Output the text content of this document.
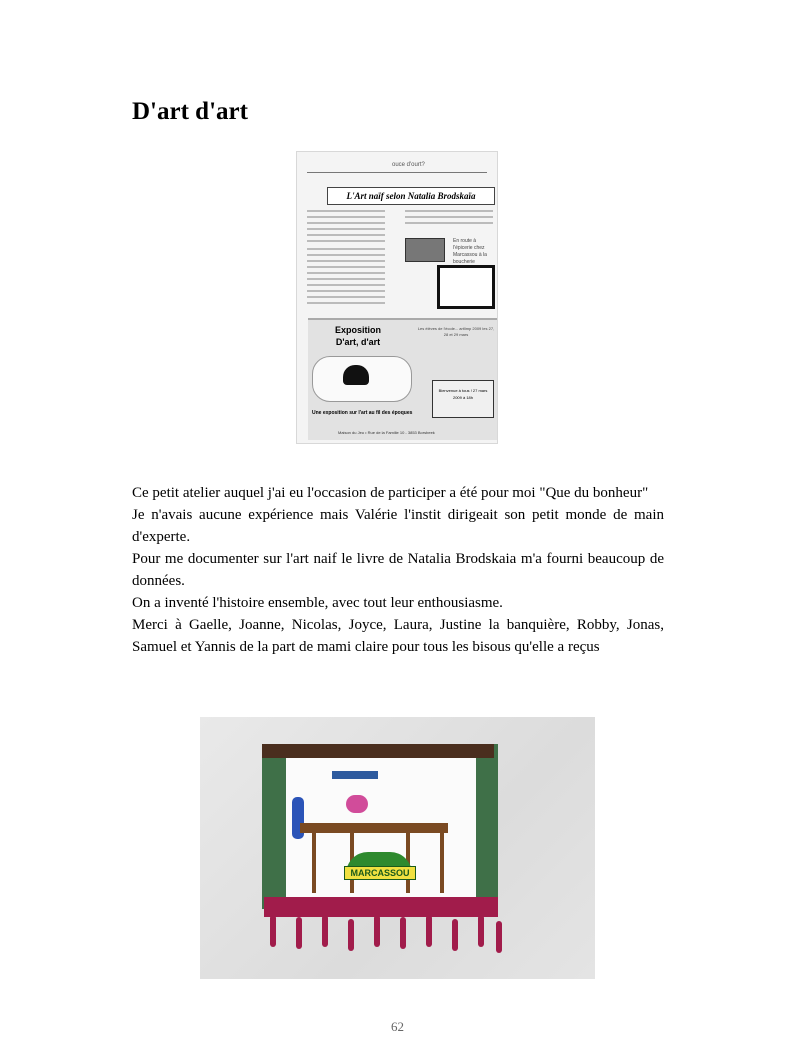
D'art d'art
ouce d'ourt?
L'Art naïf selon Natalia Brodskaïa
En route à l'épicerie chez Marcassou à la boucherie
Exposition D'art, d'art
Les élèves de l'école... artlimp 2009 les 27, 28 et 29 mars
Bienvenue à tous ! 27 mars 2009 à 18h
Une exposition sur l'art au fil des époques
Maison du Jeu • Rue de la Familie 10 - 3853 Borsbeek

Ce petit atelier auquel j'ai eu l'occasion de participer a été pour moi "Que du bonheur"

Je n'avais aucune expérience mais Valérie l'instit dirigeait son petit monde de main d'experte.

Pour me documenter sur l'art naif le livre de Natalia Brodskaia m'a fourni beaucoup de données.

On a inventé l'histoire ensemble, avec tout leur enthousiasme.

Merci à Gaelle, Joanne, Nicolas, Joyce, Laura, Justine la banquière, Robby, Jonas, Samuel et Yannis de la part de mami claire pour tous les bisous qu'elle a reçus

MARCASSOU
62
